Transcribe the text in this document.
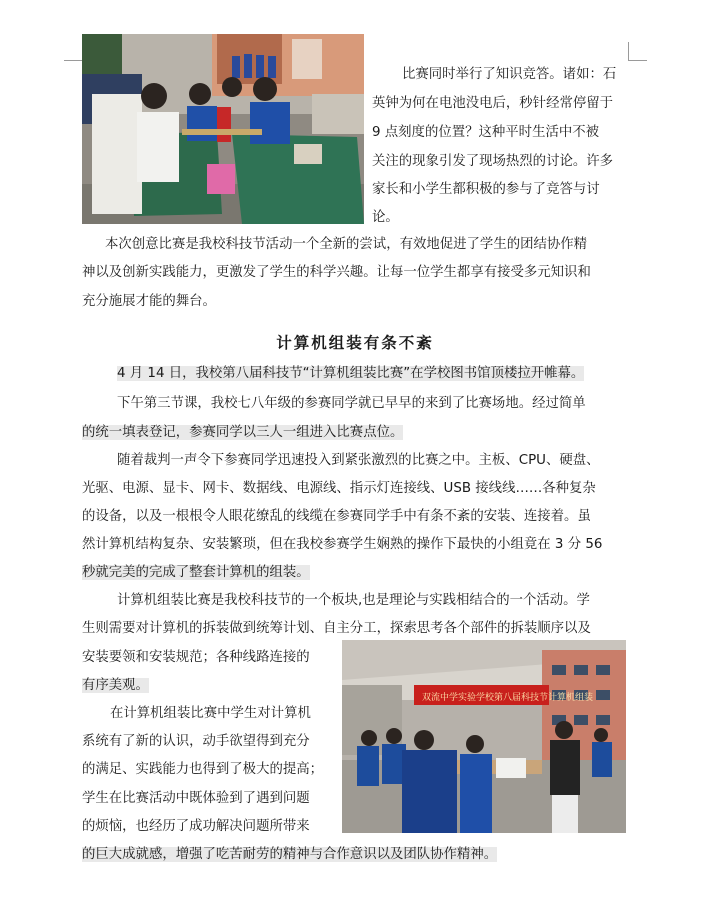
比赛同时举行了知识竞答。诸如：石
英钟为何在电池没电后，秒针经常停留于
9 点刻度的位置？这种平时生活中不被
关注的现象引发了现场热烈的讨论。许多
家长和小学生都积极的参与了竞答与讨
论。
本次创意比赛是我校科技节活动一个全新的尝试，有效地促进了学生的团结协作精
神以及创新实践能力，更激发了学生的科学兴趣。让每一位学生都享有接受多元知识和
充分施展才能的舞台。
计算机组装有条不紊
4 月 14 日，我校第八届科技节“计算机组装比赛”在学校图书馆顶楼拉开帷幕。
下午第三节课，我校七八年级的参赛同学就已早早的来到了比赛场地。经过简单
的统一填表登记，参赛同学以三人一组进入比赛点位。
随着裁判一声令下参赛同学迅速投入到紧张激烈的比赛之中。主板、CPU、硬盘、
光驱、电源、显卡、网卡、数据线、电源线、指示灯连接线、USB 接线线……各种复杂
的设备，以及一根根令人眼花缭乱的线缆在参赛同学手中有条不紊的安装、连接着。虽
然计算机结构复杂、安装繁琐，但在我校参赛学生娴熟的操作下最快的小组竟在 3 分 56
秒就完美的完成了整套计算机的组装。
计算机组装比赛是我校科技节的一个板块,也是理论与实践相结合的一个活动。学
生则需要对计算机的拆装做到统筹计划、自主分工，探索思考各个部件的拆装顺序以及
安装要领和安装规范；各种线路连接的
有序美观。
在计算机组装比赛中学生对计算机
系统有了新的认识，动手欲望得到充分
的满足、实践能力也得到了极大的提高；
学生在比赛活动中既体验到了遇到问题
的烦恼，也经历了成功解决问题所带来
的巨大成就感，增强了吃苦耐劳的精神与合作意识以及团队协作精神。
双流中学实验学校第八届科技节计算机组装
